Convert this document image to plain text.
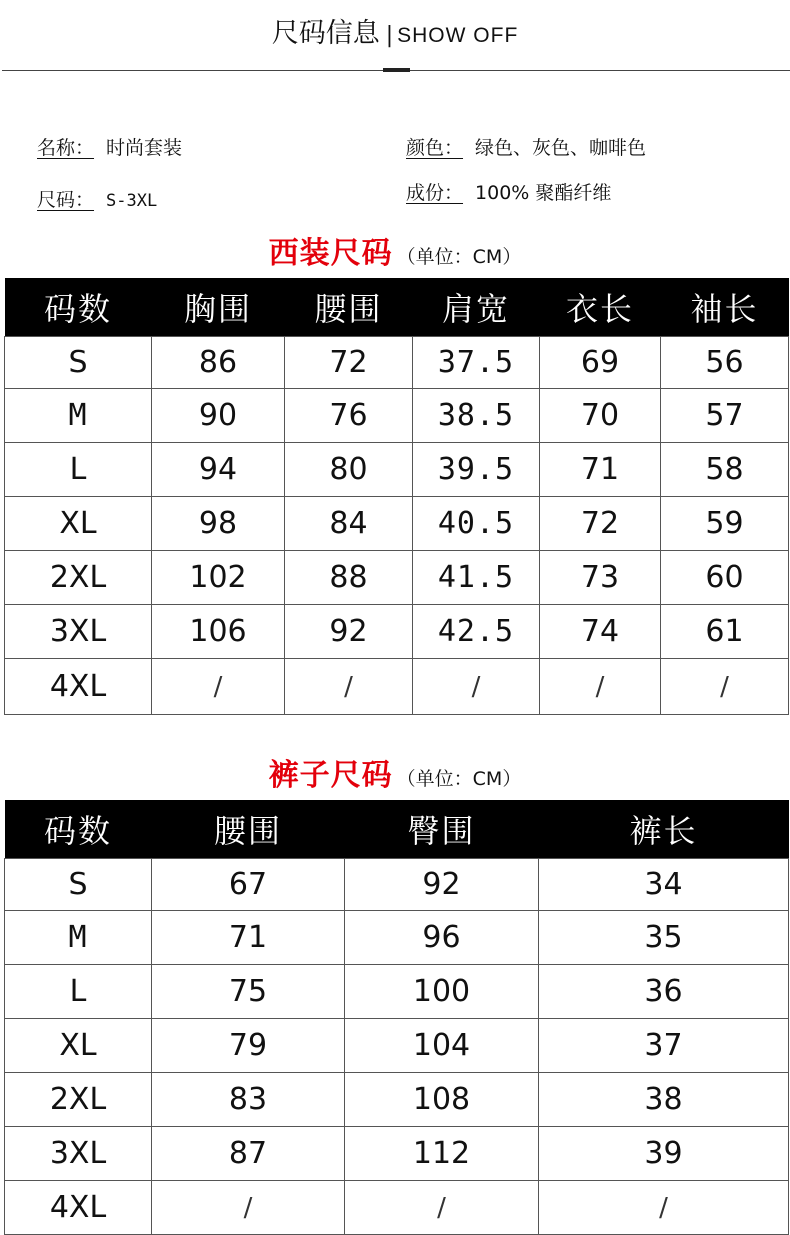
尺码信息 | SHOW OFF
名称： 时尚套装	颜色： 绿色、灰色、咖啡色
尺码： S-3XL	成份： 100% 聚酯纤维
西装尺码 （单位：CM）
码数	胸围	腰围	肩宽	衣长	袖长
S	86	72	37.5	69	56
M	90	76	38.5	70	57
L	94	80	39.5	71	58
XL	98	84	40.5	72	59
2XL	102	88	41.5	73	60
3XL	106	92	42.5	74	61
4XL	/	/	/	/	/
裤子尺码 （单位：CM）
码数	腰围	臀围	裤长
S	67	92	34
M	71	96	35
L	75	100	36
XL	79	104	37
2XL	83	108	38
3XL	87	112	39
4XL	/	/	/
